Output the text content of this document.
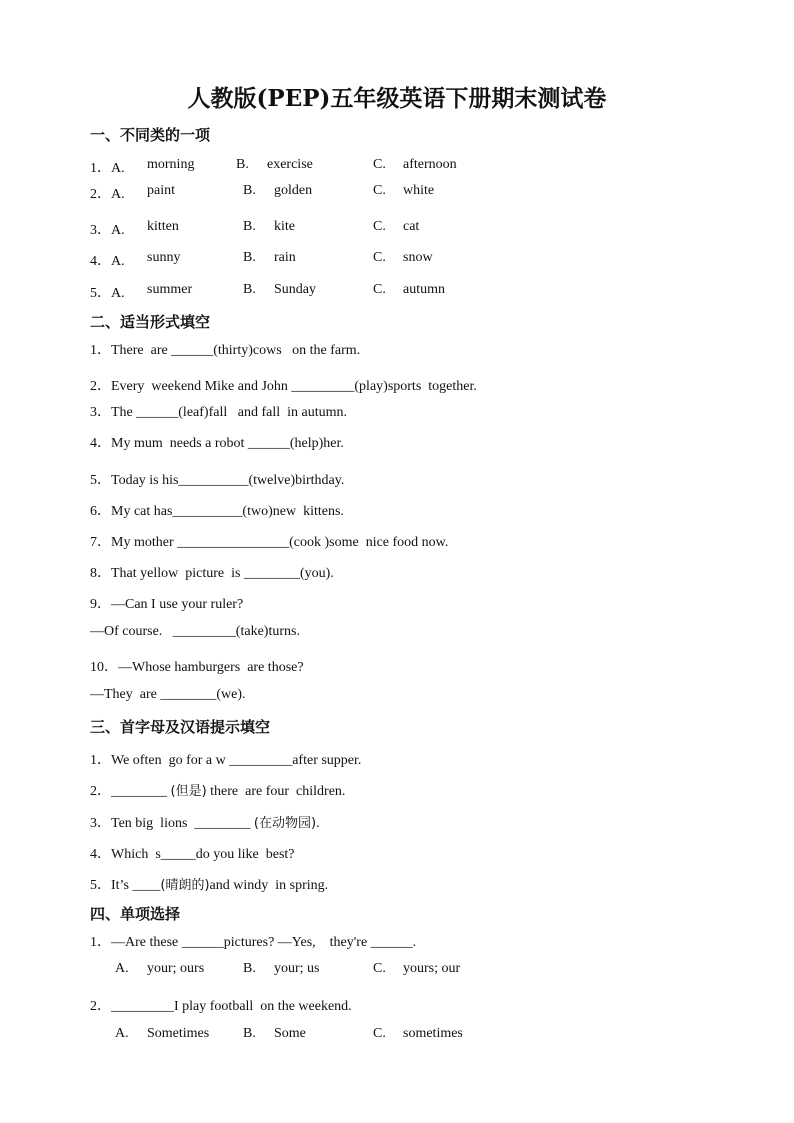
人教版(PEP)五年级英语下册期末测试卷
一、不同类的一项
1．A. morning	B. exercise	C. afternoon
2．A. paint	B. golden	C. white
3．A. kitten	B. kite	C. cat
4．A. sunny	B. rain	C. snow
5．A. summer	B. Sunday	C. autumn
二、适当形式填空
1．There  are ______(thirty)cows   on the farm.
2．Every  weekend Mike and John _________(play)sports  together.
3．The ______(leaf)fall   and fall  in autumn.
4．My mum  needs a robot ______(help)her.
5．Today is his__________(twelve)birthday.
6．My cat has__________(two)new  kittens.
7．My mother ________________(cook )some  nice food now.
8．That yellow  picture  is ________(you).
9．—Can I use your ruler?
—Of course.   _________(take)turns.
10．—Whose hamburgers  are those?
—They  are ________(we).
三、首字母及汉语提示填空
1．We often  go for a w _________after supper.
2．________ (但是) there  are four  children.
3．Ten big  lions  ________ (在动物园).
4．Which  s_____do you like  best?
5．It’s ____(晴朗的)and windy  in spring.
四、单项选择
1．—Are these ______pictures? —Yes,    they're ______.
A. your; ours	B. your; us	C. yours; our
2．_________I play football  on the weekend.
A. Sometimes B. Some	C. sometimes
